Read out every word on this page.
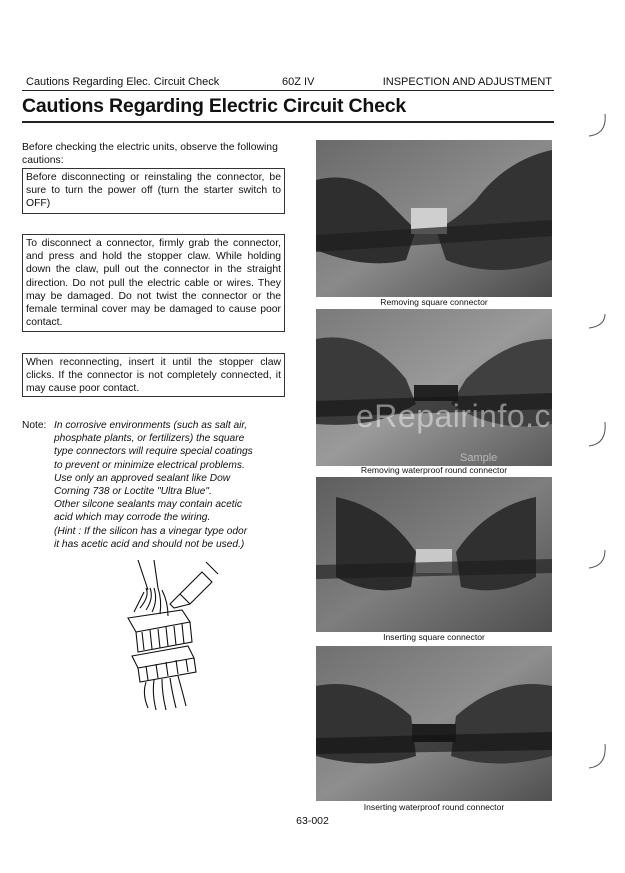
Cautions Regarding Elec. Circuit Check	60Z IV	INSPECTION AND ADJUSTMENT
Cautions Regarding Electric Circuit Check
Before checking the electric units, observe the following cautions:
Before disconnecting or reinstaling the connector, be sure to turn the power off (turn the starter switch to OFF)
To disconnect a connector, firmly grab the connector, and press and hold the stopper claw. While holding down the claw, pull out the connector in the straight direction. Do not pull the electric cable or wires. They may be damaged. Do not twist the connector or the female terminal cover may be damaged to cause poor contact.
When reconnecting, insert it until the stopper claw clicks. If the connector is not completely connected, it may cause poor contact.
Note: In corrosive environments (such as salt air,
phosphate plants, or fertilizers) the square
type connectors will require special coatings
to prevent or minimize electrical problems.
Use only an approved sealant like Dow
Corning 738 or Loctite "Ultra Blue".
Other silcone sealants may contain acetic
acid which may corrode the wiring.
(Hint : If the silicon has a vinegar type odor
it has acetic acid and should not be used.)
Removing square connector
Removing waterproof round connector
Inserting square connector
Inserting waterproof round connector
eRepairinfo.com
Sample
63-002
